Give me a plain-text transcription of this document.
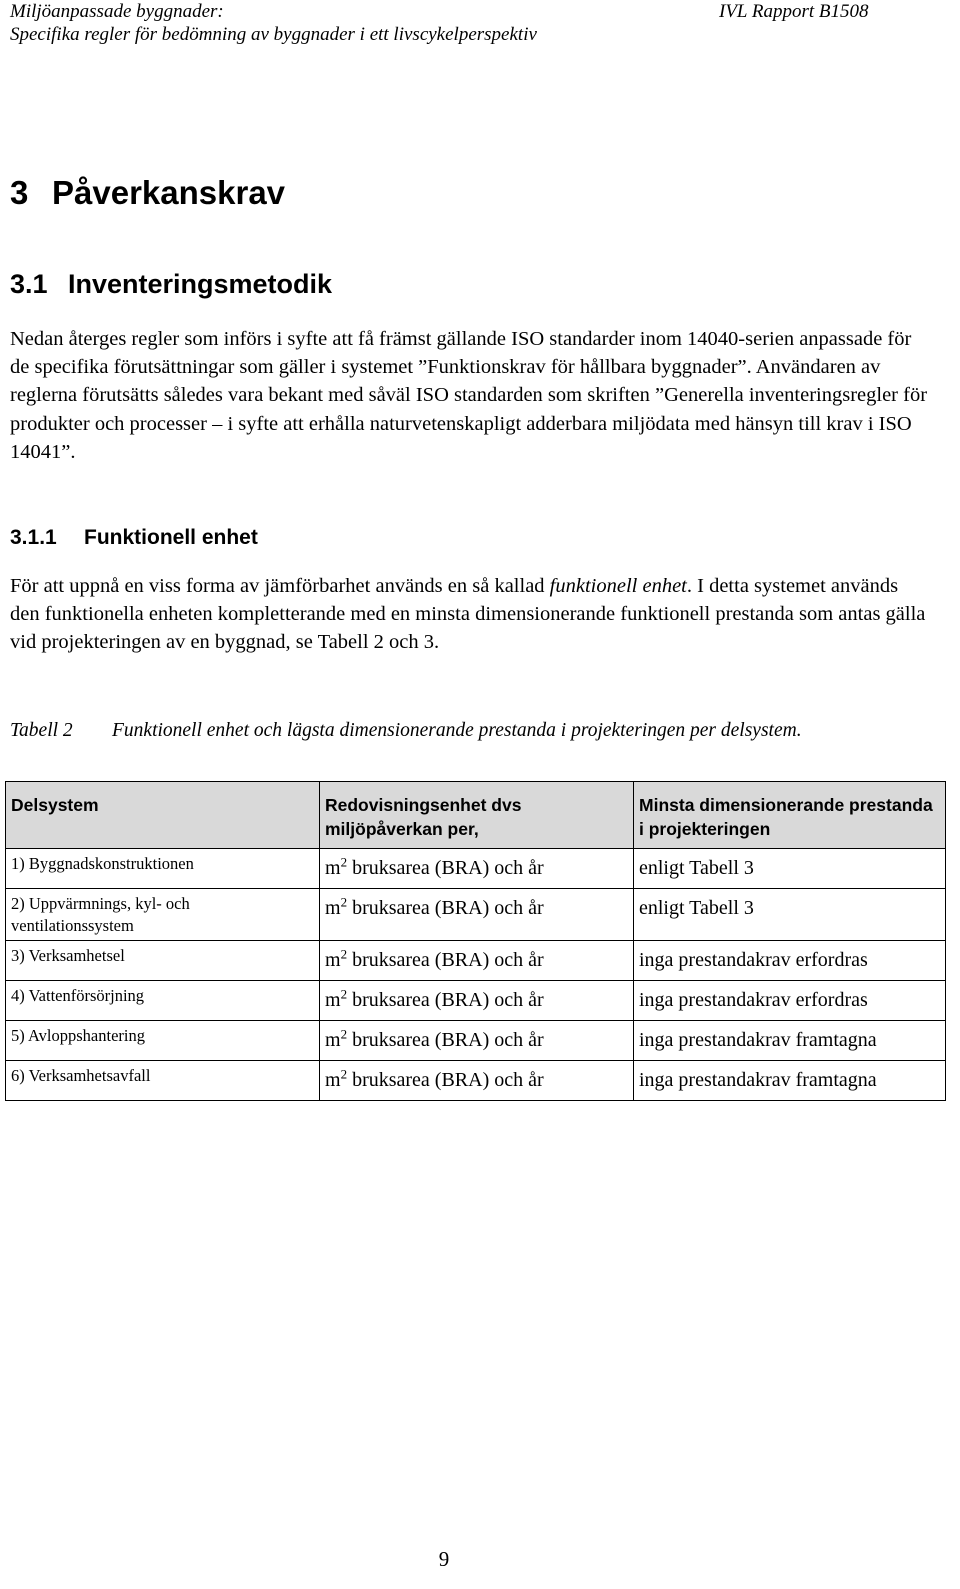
Miljöanpassade byggnader:
Specifika regler för bedömning av byggnader i ett livscykelperspektiv
IVL Rapport B1508
3 Påverkanskrav
3.1 Inventeringsmetodik

Nedan återges regler som införs i syfte att få främst gällande ISO standarder inom 14040-serien anpassade för de specifika förutsättningar som gäller i systemet ”Funktionskrav för hållbara byggnader”. Användaren av reglerna förutsätts således vara bekant med såväl ISO standarden som skriften ”Generella inventeringsregler för produkter och processer – i syfte att erhålla naturvetenskapligt adderbara miljödata med hänsyn till krav i ISO 14041”.

3.1.1 Funktionell enhet

För att uppnå en viss forma av jämförbarhet används en så kallad funktionell enhet. I detta systemet används den funktionella enheten kompletterande med en minsta dimensionerande funktionell prestanda som antas gälla vid projekteringen av en byggnad, se Tabell 2 och 3.

Tabell 2 Funktionell enhet och lägsta dimensionerande prestanda i projekteringen per delsystem.
Delsystem	Redovisningsenhet dvs miljöpåverkan per,	Minsta dimensionerande prestanda i projekteringen
1) Byggnadskonstruktionen	$m^2$ bruksarea (BRA) och år	enligt Tabell 3
2) Uppvärmnings, kyl- och ventilationssystem	$m^2$ bruksarea (BRA) och år	enligt Tabell 3
3) Verksamhetsel	$m^2$ bruksarea (BRA) och år	inga prestandakrav erfordras
4) Vattenförsörjning	$m^2$ bruksarea (BRA) och år	inga prestandakrav erfordras
5) Avloppshantering	$m^2$ bruksarea (BRA) och år	inga prestandakrav framtagna
6) Verksamhetsavfall	$m^2$ bruksarea (BRA) och år	inga prestandakrav framtagna
9
